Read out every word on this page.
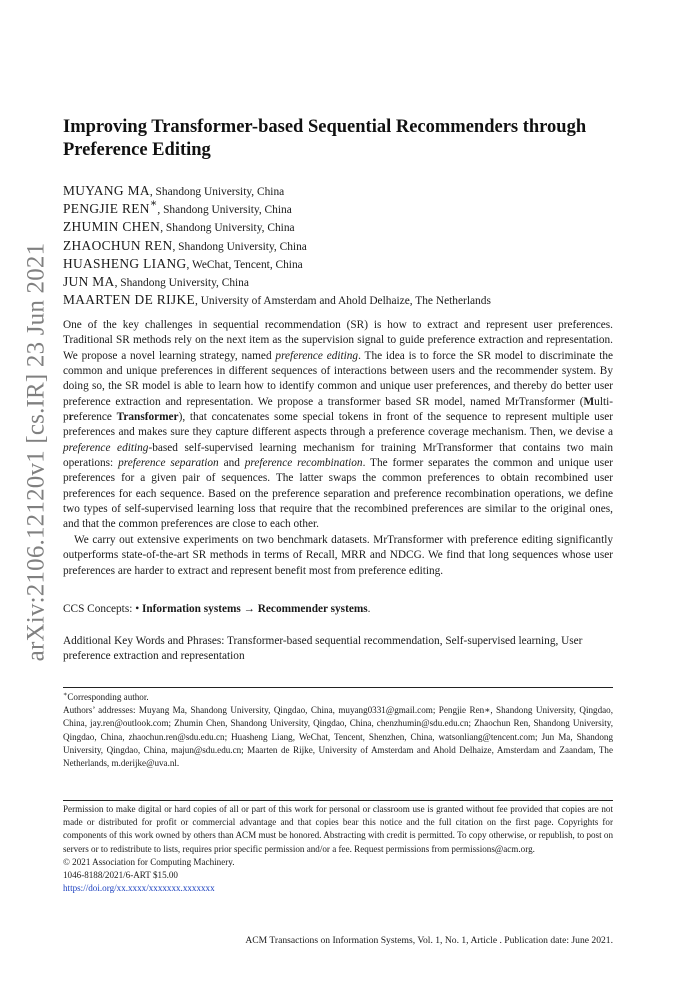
arXiv:2106.12120v1 [cs.IR] 23 Jun 2021
Improving Transformer-based Sequential Recommenders through Preference Editing
MUYANG MA, Shandong University, China
PENGJIE REN∗, Shandong University, China
ZHUMIN CHEN, Shandong University, China
ZHAOCHUN REN, Shandong University, China
HUASHENG LIANG, WeChat, Tencent, China
JUN MA, Shandong University, China
MAARTEN DE RIJKE, University of Amsterdam and Ahold Delhaize, The Netherlands

One of the key challenges in sequential recommendation (SR) is how to extract and represent user preferences. Traditional SR methods rely on the next item as the supervision signal to guide preference extraction and representation. We propose a novel learning strategy, named preference editing. The idea is to force the SR model to discriminate the common and unique preferences in different sequences of interactions between users and the recommender system. By doing so, the SR model is able to learn how to identify common and unique user preferences, and thereby do better user preference extraction and representation. We propose a transformer based SR model, named MrTransformer (Multi-preference Transformer), that concatenates some special tokens in front of the sequence to represent multiple user preferences and makes sure they capture different aspects through a preference coverage mechanism. Then, we devise a preference editing-based self-supervised learning mechanism for training MrTransformer that contains two main operations: preference separation and preference recombination. The former separates the common and unique user preferences for a given pair of sequences. The latter swaps the common preferences to obtain recombined user preferences for each sequence. Based on the preference separation and preference recombination operations, we define two types of self-supervised learning loss that require that the recombined preferences are similar to the original ones, and that the common preferences are close to each other.

We carry out extensive experiments on two benchmark datasets. MrTransformer with preference editing significantly outperforms state-of-the-art SR methods in terms of Recall, MRR and NDCG. We find that long sequences whose user preferences are harder to extract and represent benefit most from preference editing.

CCS Concepts: • Information systems → Recommender systems.

Additional Key Words and Phrases: Transformer-based sequential recommendation, Self-supervised learning, User preference extraction and representation

∗Corresponding author.

Authors’ addresses: Muyang Ma, Shandong University, Qingdao, China, muyang0331@gmail.com; Pengjie Ren∗, Shandong University, Qingdao, China, jay.ren@outlook.com; Zhumin Chen, Shandong University, Qingdao, China, chenzhumin@sdu.edu.cn; Zhaochun Ren, Shandong University, Qingdao, China, zhaochun.ren@sdu.edu.cn; Huasheng Liang, WeChat, Tencent, Shenzhen, China, watsonliang@tencent.com; Jun Ma, Shandong University, Qingdao, China, majun@sdu.edu.cn; Maarten de Rijke, University of Amsterdam and Ahold Delhaize, Amsterdam and Zaandam, The Netherlands, m.derijke@uva.nl.

Permission to make digital or hard copies of all or part of this work for personal or classroom use is granted without fee provided that copies are not made or distributed for profit or commercial advantage and that copies bear this notice and the full citation on the first page. Copyrights for components of this work owned by others than ACM must be honored. Abstracting with credit is permitted. To copy otherwise, or republish, to post on servers or to redistribute to lists, requires prior specific permission and/or a fee. Request permissions from permissions@acm.org.

© 2021 Association for Computing Machinery.

1046-8188/2021/6-ART $15.00

https://doi.org/xx.xxxx/xxxxxxx.xxxxxxx

ACM Transactions on Information Systems, Vol. 1, No. 1, Article . Publication date: June 2021.
